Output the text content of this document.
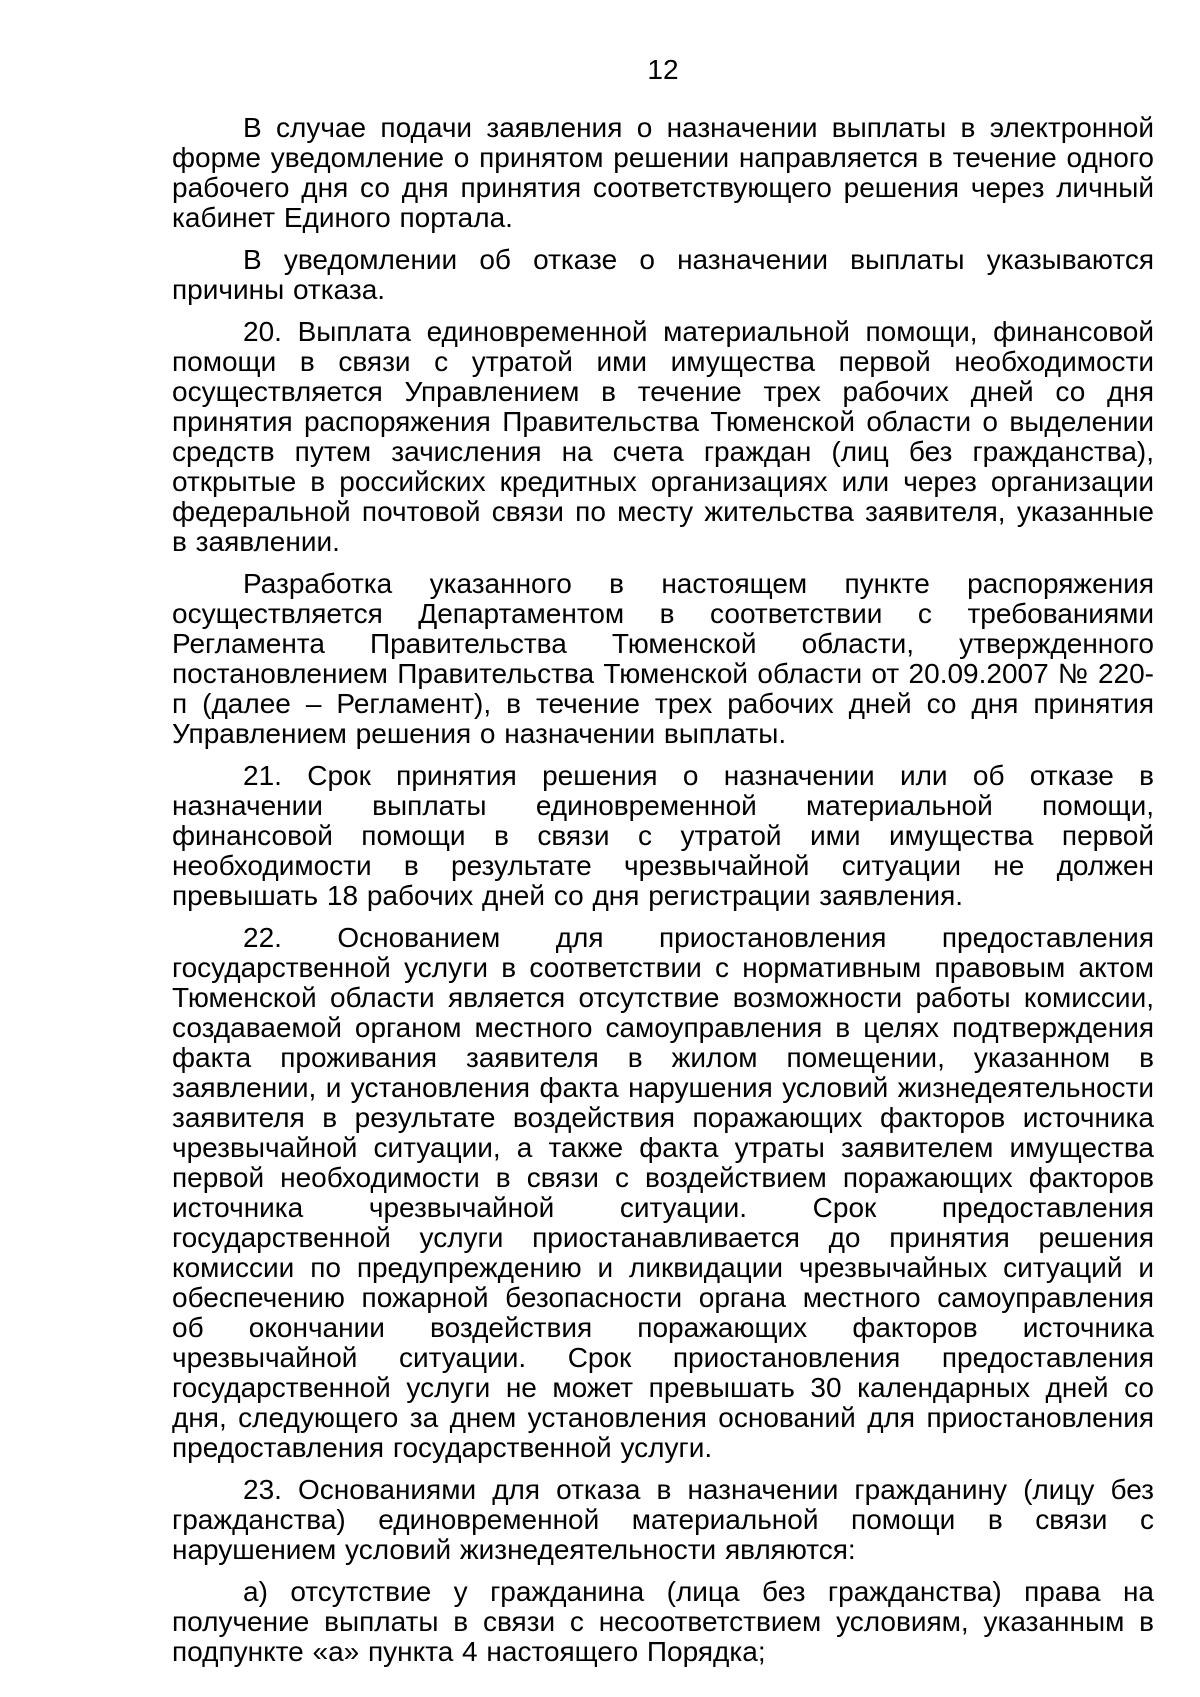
12

В случае подачи заявления о назначении выплаты в электронной форме уведомление о принятом решении направляется в течение одного рабочего дня со дня принятия соответствующего решения через личный кабинет Единого портала.

В уведомлении об отказе о назначении выплаты указываются причины отказа.

20. Выплата единовременной материальной помощи, финансовой помощи в связи с утратой ими имущества первой необходимости осуществляется Управлением в течение трех рабочих дней со дня принятия распоряжения Правительства Тюменской области о выделении средств путем зачисления на счета граждан (лиц без гражданства), открытые в российских кредитных организациях или через организации федеральной почтовой связи по месту жительства заявителя, указанные в заявлении.

Разработка указанного в настоящем пункте распоряжения осуществляется Департаментом в соответствии с требованиями Регламента Правительства Тюменской области, утвержденного постановлением Правительства Тюменской области от 20.09.2007 № 220-п (далее – Регламент), в течение трех рабочих дней со дня принятия Управлением решения о назначении выплаты.

21. Срок принятия решения о назначении или об отказе в назначении выплаты единовременной материальной помощи, финансовой помощи в связи с утратой ими имущества первой необходимости в результате чрезвычайной ситуации не должен превышать 18 рабочих дней со дня регистрации заявления.

22. Основанием для приостановления предоставления государственной услуги в соответствии с нормативным правовым актом Тюменской области является отсутствие возможности работы комиссии, создаваемой органом местного самоуправления в целях подтверждения факта проживания заявителя в жилом помещении, указанном в заявлении, и установления факта нарушения условий жизнедеятельности заявителя в результате воздействия поражающих факторов источника чрезвычайной ситуации, а также факта утраты заявителем имущества первой необходимости в связи с воздействием поражающих факторов источника чрезвычайной ситуации. Срок предоставления государственной услуги приостанавливается до принятия решения комиссии по предупреждению и ликвидации чрезвычайных ситуаций и обеспечению пожарной безопасности органа местного самоуправления об окончании воздействия поражающих факторов источника чрезвычайной ситуации. Срок приостановления предоставления государственной услуги не может превышать 30 календарных дней со дня, следующего за днем установления оснований для приостановления предоставления государственной услуги.

23. Основаниями для отказа в назначении гражданину (лицу без гражданства) единовременной материальной помощи в связи с нарушением условий жизнедеятельности являются:

а) отсутствие у гражданина (лица без гражданства) права на получение выплаты в связи с несоответствием условиям, указанным в подпункте «а» пункта 4 настоящего Порядка;
